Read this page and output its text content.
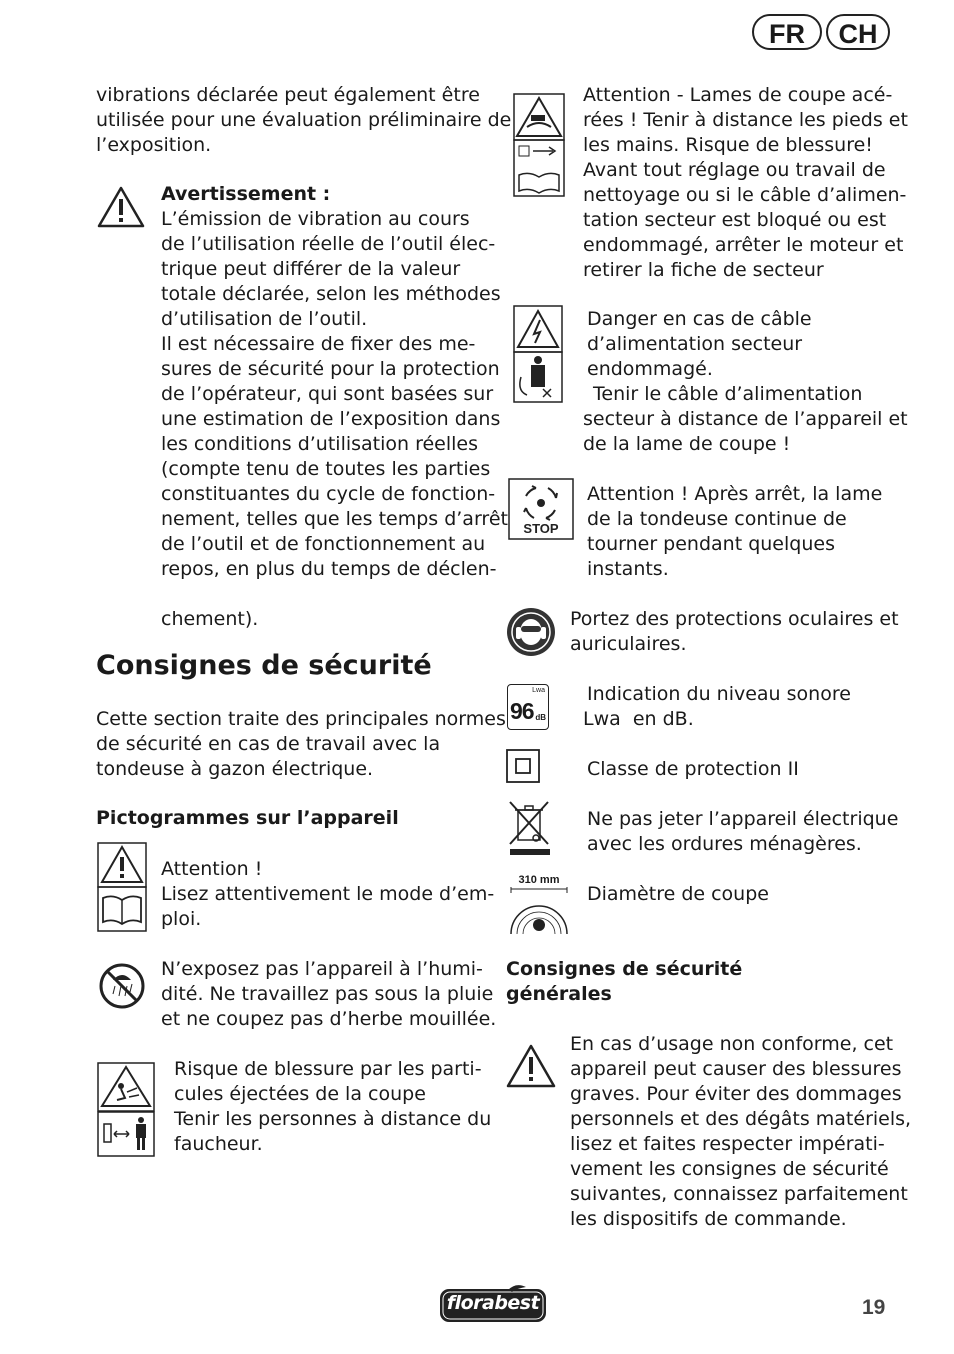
FR	CH
vibrations déclarée peut également être
utilisée pour une évaluation préliminaire de
l’exposition.
Avertissement :
L’émission de vibration au cours
de l’utilisation réelle de l’outil élec-
trique peut différer de la valeur
totale déclarée, selon les méthodes
d’utilisation de l’outil.
Il est nécessaire de fixer des me-
sures de sécurité pour la protection
de l’opérateur, qui sont basées sur
une estimation de l’exposition dans
les conditions d’utilisation réelles
(compte tenu de toutes les parties
constituantes du cycle de fonction-
nement, telles que les temps d’arrêt
de l’outil et de fonctionnement au
repos, en plus du temps de déclen-
chement).
Consignes de sécurité
Cette section traite des principales normes
de sécurité en cas de travail avec la
tondeuse à gazon électrique.
Pictogrammes sur l’appareil
Attention !
Lisez attentivement le mode d’em-
ploi.
N’exposez pas l’appareil à l’humi-
dité. Ne travaillez pas sous la pluie
et ne coupez pas d’herbe mouillée.
Risque de blessure par les parti-
cules éjectées de la coupe
Tenir les personnes à distance du
faucheur.
Attention - Lames de coupe acé-
rées ! Tenir à distance les pieds et
les mains. Risque de blessure!
Avant tout réglage ou travail de
nettoyage ou si le câble d’alimen-
tation secteur est bloqué ou est
endommagé, arrêter le moteur et
retirer la fiche de secteur
Danger en cas de câble
d’alimentation secteur
endommagé.
Tenir le câble d’alimentation
secteur à distance de l’appareil et
de la lame de coupe !
STOP
Attention ! Après arrêt, la lame
de la tondeuse continue de
tourner pendant quelques
instants.
Portez des protections oculaires et
auriculaires.
Lwa
96 dB
Indication du niveau sonore
Lwa  en dB.
Classe de protection II
Ne pas jeter l’appareil électrique
avec les ordures ménagères.
310 mm
Diamètre de coupe
Consignes de sécurité
générales
En cas d’usage non conforme, cet
appareil peut causer des blessures
graves. Pour éviter des dommages
personnels et des dégâts matériels,
lisez et faites respecter impérati-
vement les consignes de sécurité
suivantes, connaissez parfaitement
les dispositifs de commande.
florabest	19
